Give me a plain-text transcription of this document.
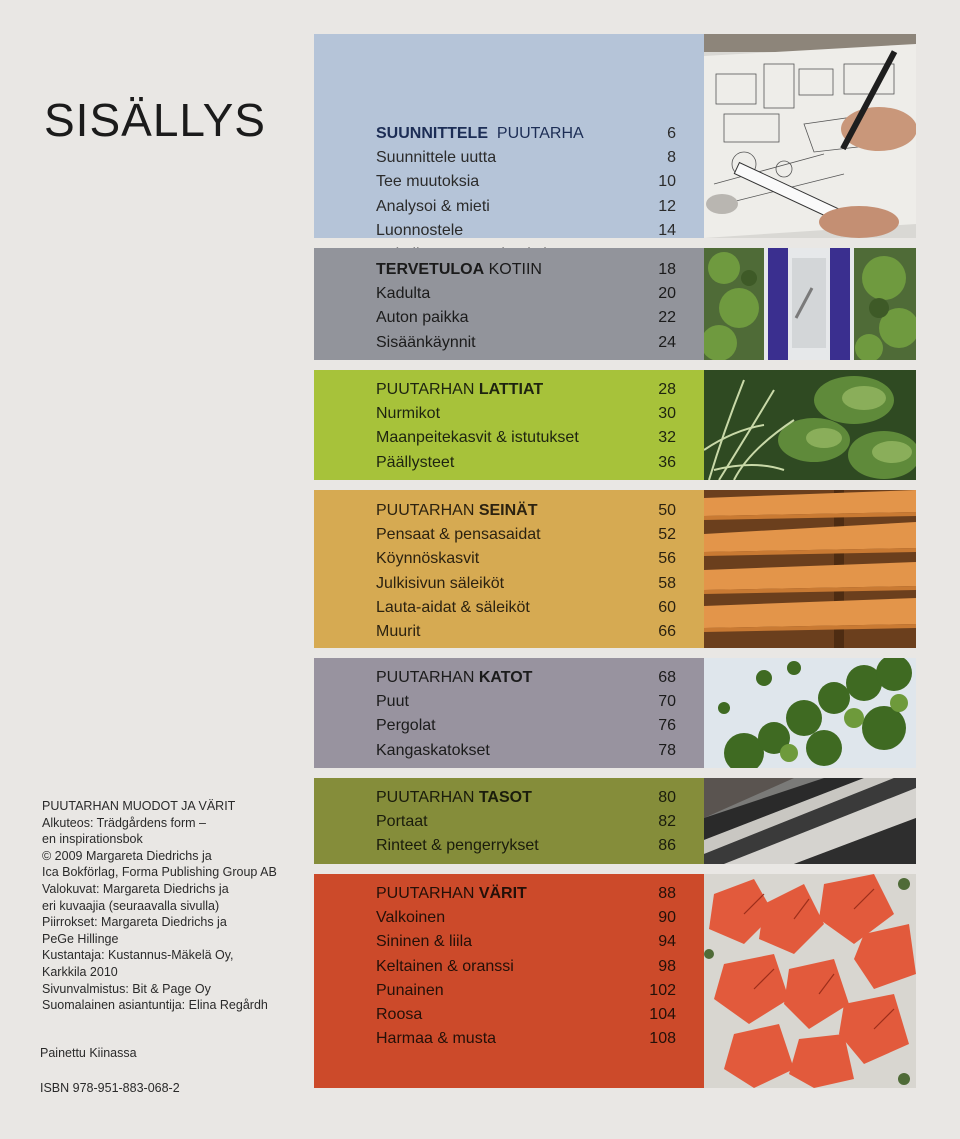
SISÄLLYS	SUUNNITTELE PUUTARHA	6
Suunnittele uutta	8
Tee muutoksia	10
Analysoi & mieti	12
Luonnostele	14
TERVETULOA KOTIIN	18
Kadulta	20
Auton paikka	22
Sisäänkäynnit	24
PUUTARHAN LATTIAT	28
Nurmikot	30
Maanpeitekasvit & istutukset	32
Päällysteet	36
PUUTARHAN SEINÄT	50
Pensaat & pensasaidat	52
Köynnöskasvit	56
Julkisivun säleiköt	58
Lauta-aidat & säleiköt	60
Muurit	66
PUUTARHAN KATOT	68
Puut	70
Pergolat	76
Kangaskatokset	78
PUUTARHAN TASOT	80
Portaat	82
Rinteet & pengerrykset	86
PUUTARHAN VÄRIT	88
Valkoinen	90
Sininen & liila	94
Keltainen & oranssi	98
Punainen	102
Roosa	104
Harmaa & musta	108
PUUTARHAN MUODOT JA VÄRIT
Alkuteos: Trädgårdens form –
en inspirationsbok
© 2009 Margareta Diedrichs ja
Ica Bokförlag, Forma Publishing Group AB
Valokuvat: Margareta Diedrichs ja
eri kuvaajia (seuraavalla sivulla)
Piirrokset: Margareta Diedrichs ja
PeGe Hillinge
Kustantaja: Kustannus-Mäkelä Oy,
Karkkila 2010
Sivunvalmistus: Bit & Page Oy
Suomalainen asiantuntija: Elina Regårdh
Painettu Kiinassa
ISBN 978-951-883-068-2
